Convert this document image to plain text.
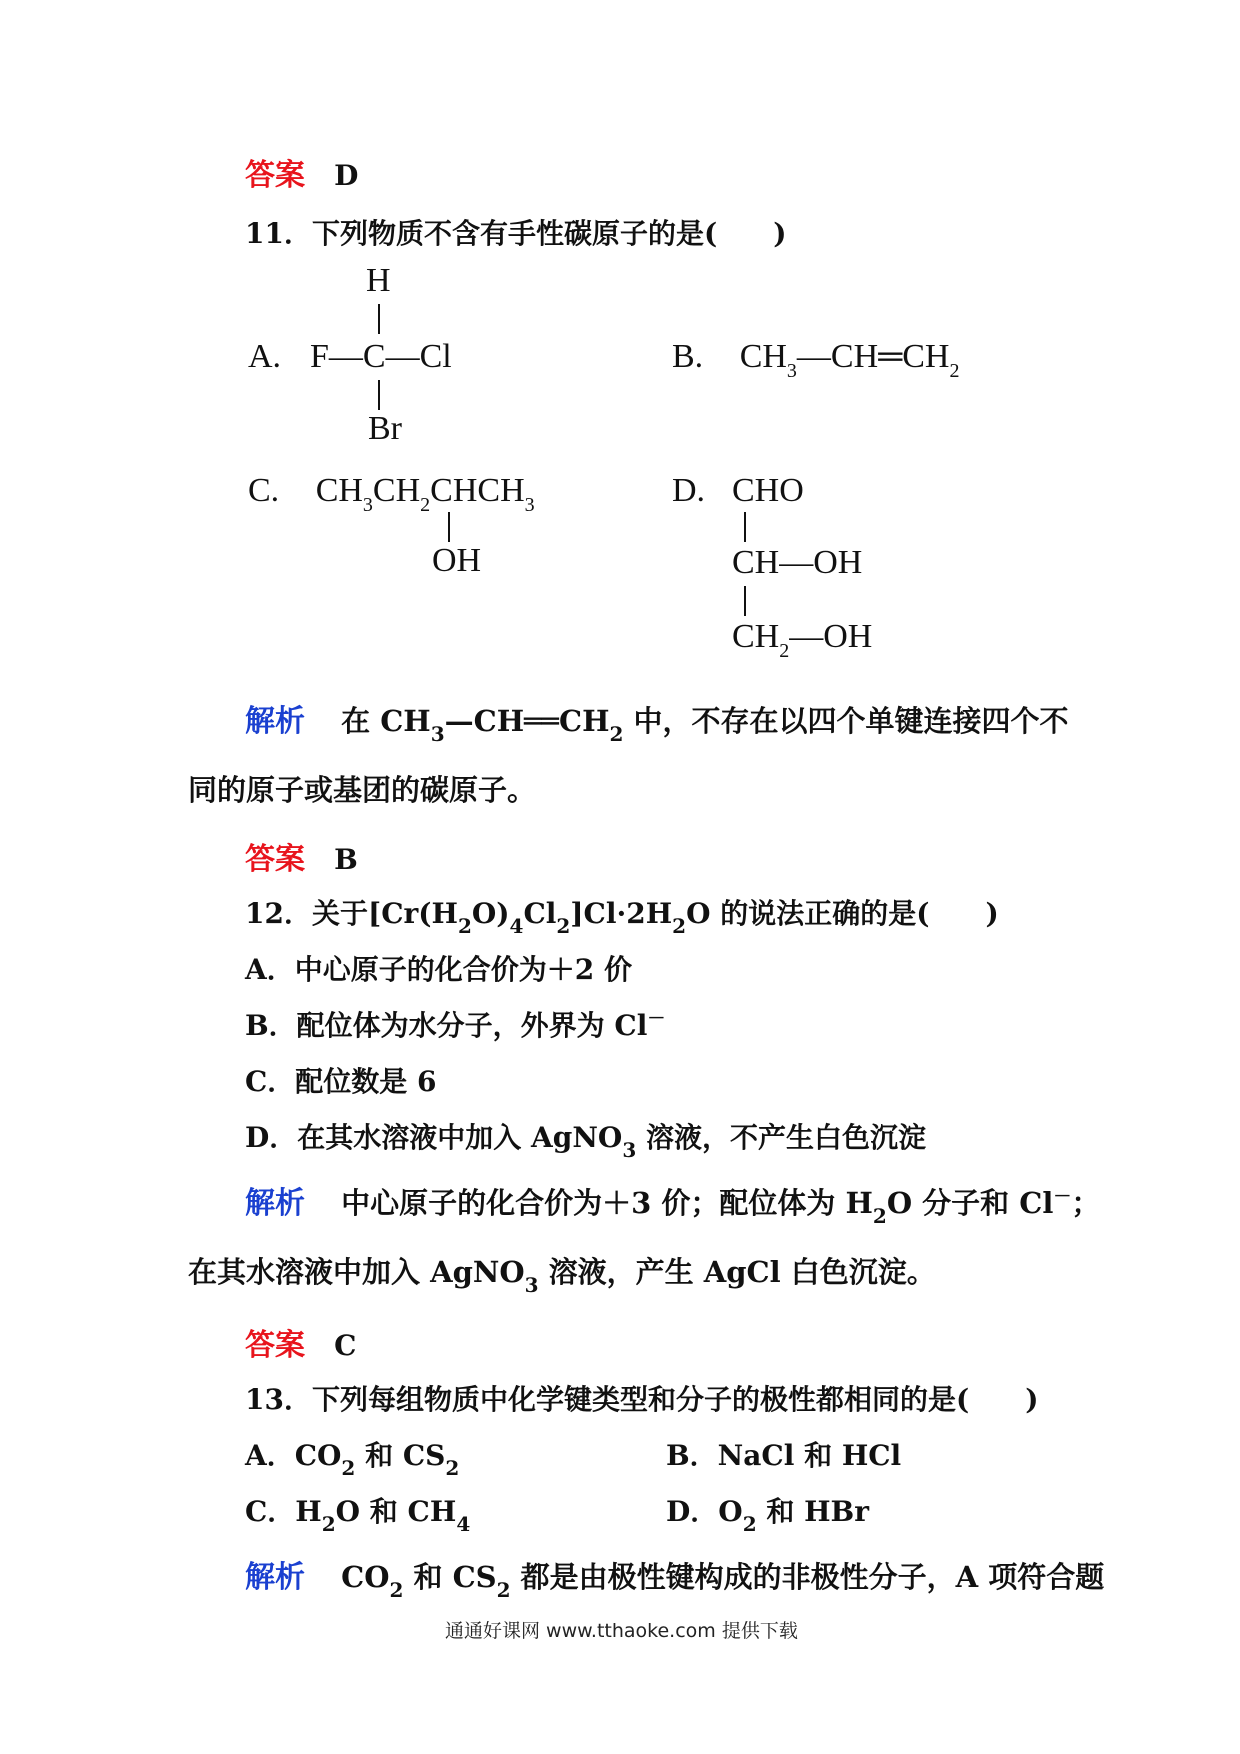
答案 D
11．下列物质不含有手性碳原子的是(　　)
A.
H
F—C—Cl
Br
B. $CH_3—CH═CH_2$
C. $CH_3CH_2CHCH_3$
OH
D. CHO
CH—OH
$CH_2—OH$
解析 在 $CH_3—CH══CH_2$ 中，不存在以四个单键连接四个不
同的原子或基团的碳原子。
答案 B
12．关于$[Cr(H_2O)_4Cl_2]Cl\cdot 2H_2O$ 的说法正确的是(　　)
A．中心原子的化合价为＋2 价
B．配位体为水分子，外界为 Cl－
C．配位数是 6
D．在其水溶液中加入 AgNO$_3$ 溶液，不产生白色沉淀
解析 中心原子的化合价为＋3 价；配位体为 $H_2O$ 分子和 Cl－；
在其水溶液中加入 AgNO$_3$ 溶液，产生 AgCl 白色沉淀。
答案 C
13．下列每组物质中化学键类型和分子的极性都相同的是(　　)
A．$CO_2$ 和 $CS_2$	B．NaCl 和 HCl
C．$H_2O$ 和 $CH_4$	D．$O_2$ 和 HBr
解析 $CO_2$ 和 $CS_2$ 都是由极性键构成的非极性分子，A 项符合题
通通好课网 www.tthaoke.com 提供下载
